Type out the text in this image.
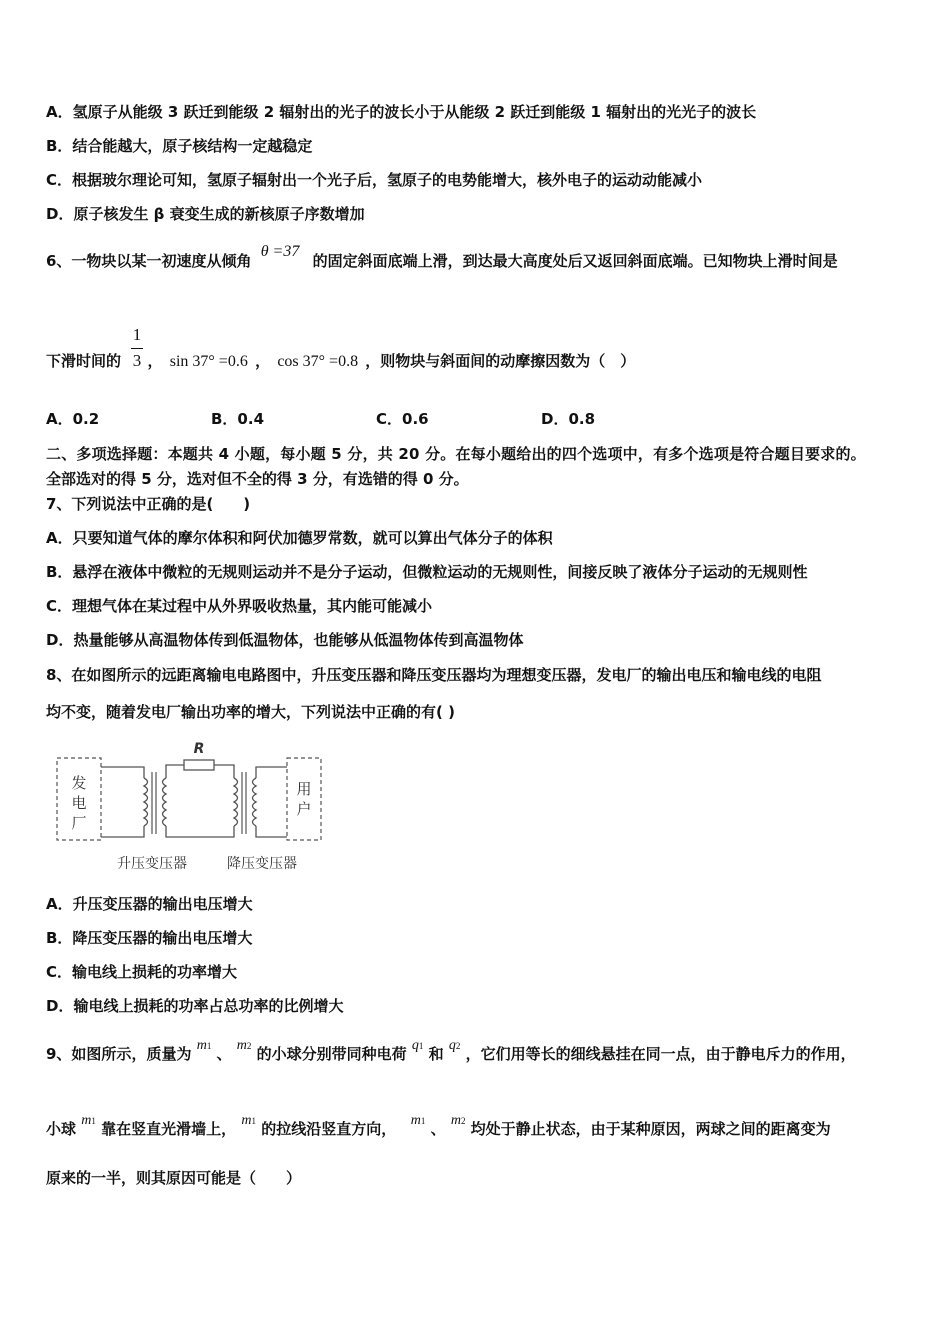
A．氢原子从能级 3 跃迁到能级 2 辐射出的光子的波长小于从能级 2 跃迁到能级 1 辐射出的光光子的波长
B．结合能越大，原子核结构一定越稳定
C．根据玻尔理论可知，氢原子辐射出一个光子后，氢原子的电势能增大，核外电子的运动动能减小
D．原子核发生 β 衰变生成的新核原子序数增加
6、一物块以某一初速度从倾角 θ =37 的固定斜面底端上滑，到达最大高度处后又返回斜面底端。已知物块上滑时间是
下滑时间的 ， sin 37° =0.6 ， cos 37° =0.8 ，则物块与斜面间的动摩擦因数为（　）
1
3
A．0.2	B．0.4	C．0.6	D．0.8
二、多项选择题：本题共 4 小题，每小题 5 分，共 20 分。在每小题给出的四个选项中，有多个选项是符合题目要求的。
全部选对的得 5 分，选对但不全的得 3 分，有选错的得 0 分。
7、下列说法中正确的是(　　)
A．只要知道气体的摩尔体积和阿伏加德罗常数，就可以算出气体分子的体积
B．悬浮在液体中微粒的无规则运动并不是分子运动，但微粒运动的无规则性，间接反映了液体分子运动的无规则性
C．理想气体在某过程中从外界吸收热量，其内能可能减小
D．热量能够从高温物体传到低温物体，也能够从低温物体传到高温物体
8、在如图所示的远距离输电电路图中，升压变压器和降压变压器均为理想变压器，发电厂的输出电压和输电线的电阻
均不变，随着发电厂输出功率的增大，下列说法中正确的有( )
发
电
厂
R
用
户
升压变压器	降压变压器
A．升压变压器的输出电压增大
B．降压变压器的输出电压增大
C．输电线上损耗的功率增大
D．输电线上损耗的功率占总功率的比例增大
9、如图所示，质量为 m1 、 m2 的小球分别带同种电荷 q1 和 q2 ，它们用等长的细线悬挂在同一点，由于静电斥力的作用，
小球 m1 靠在竖直光滑墙上， m1 的拉线沿竖直方向， m1 、 m2 均处于静止状态，由于某种原因，两球之间的距离变为
原来的一半，则其原因可能是（　　）
